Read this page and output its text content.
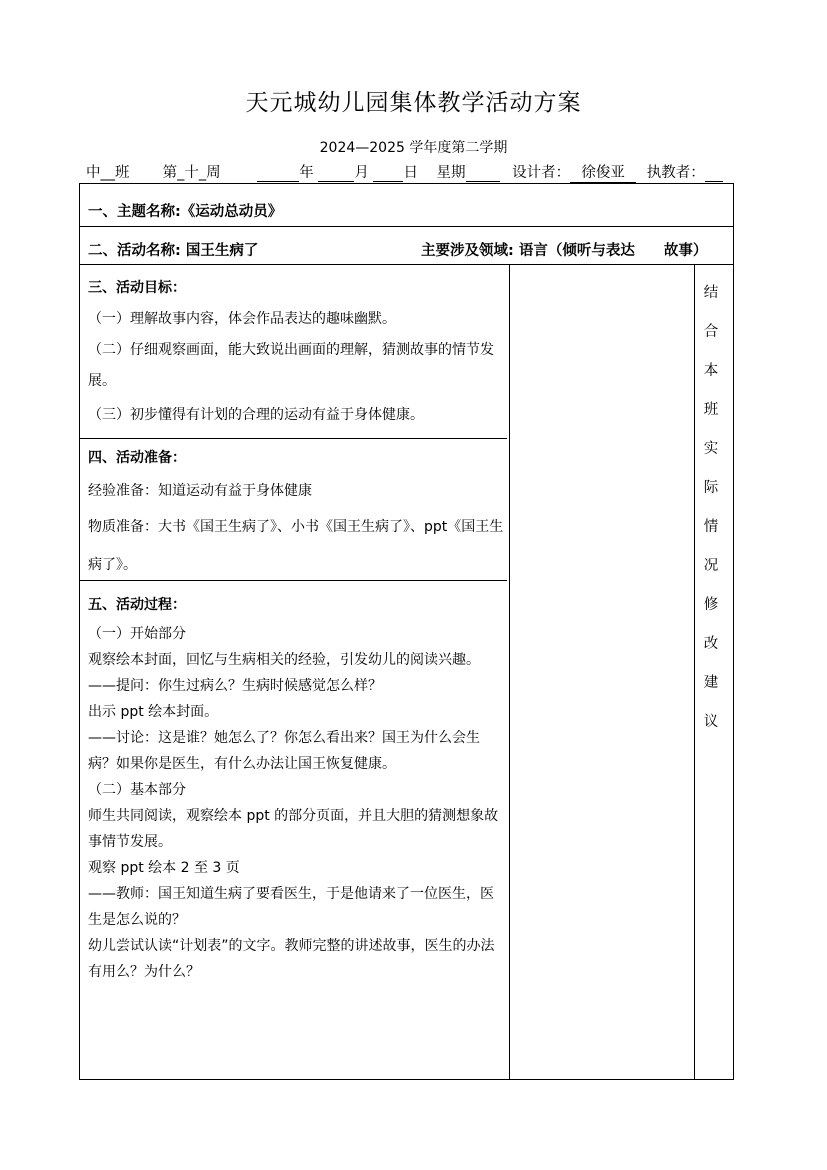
天元城幼儿园集体教学活动方案
2024—2025 学年度第二学期
中__班 第_十_周	年	月 日 星期	设计者： 徐俊亚 执教者：
一、主题名称:《运动总动员》
二、活动名称: 国王生病了	主要涉及领域: 语言（倾听与表达　　故事）

三、活动目标：

（一）理解故事内容，体会作品表达的趣味幽默。

（二）仔细观察画面，能大致说出画面的理解，猜测故事的情节发展。

（三）初步懂得有计划的合理的运动有益于身体健康。

四、活动准备：

经验准备：知道运动有益于身体健康

物质准备：大书《国王生病了》、小书《国王生病了》、ppt《国王生病了》。

五、活动过程：

（一）开始部分

观察绘本封面，回忆与生病相关的经验，引发幼儿的阅读兴趣。

——提问：你生过病么？生病时候感觉怎么样？

出示 ppt 绘本封面。

——讨论：这是谁？她怎么了？你怎么看出来？国王为什么会生病？如果你是医生，有什么办法让国王恢复健康。

（二）基本部分

师生共同阅读，观察绘本 ppt 的部分页面，并且大胆的猜测想象故事情节发展。

观察 ppt 绘本 2 至 3 页

——教师：国王知道生病了要看医生，于是他请来了一位医生，医生是怎么说的？

幼儿尝试认读“计划表”的文字。教师完整的讲述故事，医生的办法有用么？为什么？

结
合
本
班
实
际
情
况
修
改
建
议
